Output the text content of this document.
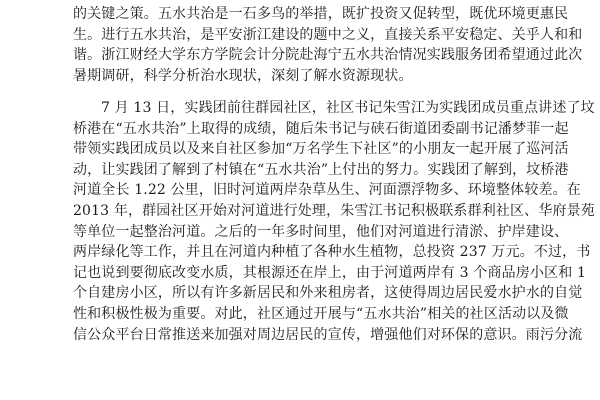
的关键之策。五水共治是一石多鸟的举措，既扩投资又促转型，既优环境更惠民
生。进行五水共治，是平安浙江建设的题中之义，直接关系平安稳定、关乎人和和
谐。浙江财经大学东方学院会计分院赴海宁五水共治情况实践服务团希望通过此次
暑期调研，科学分析治水现状，深刻了解水资源现状。
7 月 13 日，实践团前往群园社区，社区书记朱雪江为实践团成员重点讲述了坟
桥港在“五水共治”上取得的成绩，随后朱书记与硖石街道团委副书记潘梦菲一起
带领实践团成员以及来自社区参加“万名学生下社区”的小朋友一起开展了巡河活
动，让实践团了解到了村镇在“五水共治”上付出的努力。实践团了解到，坟桥港
河道全长 1.22 公里，旧时河道两岸杂草丛生、河面漂浮物多、环境整体较差。在
2013 年，群园社区开始对河道进行处理，朱雪江书记积极联系群利社区、华府景苑
等单位一起整治河道。之后的一年多时间里，他们对河道进行清淤、护岸建设、
两岸绿化等工作，并且在河道内种植了各种水生植物，总投资 237 万元。不过，书
记也说到要彻底改变水质，其根源还在岸上，由于河道两岸有 3 个商品房小区和 1
个自建房小区，所以有许多新居民和外来租房者，这使得周边居民爱水护水的自觉
性和积极性极为重要。对此，社区通过开展与“五水共治”相关的社区活动以及微
信公众平台日常推送来加强对周边居民的宣传，增强他们对环保的意识。雨污分流
